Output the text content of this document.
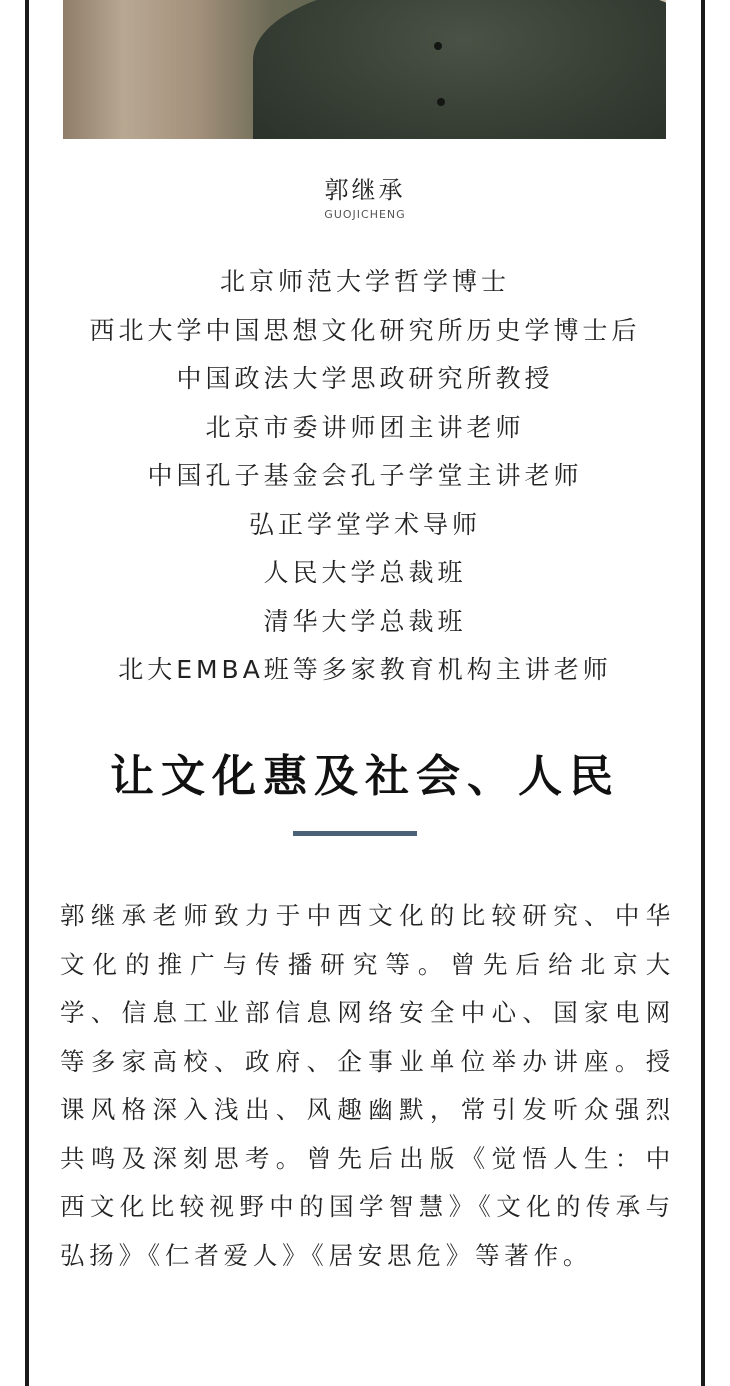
郭继承
GUOJICHENG
北京师范大学哲学博士
西北大学中国思想文化研究所历史学博士后
中国政法大学思政研究所教授
北京市委讲师团主讲老师
中国孔子基金会孔子学堂主讲老师
弘正学堂学术导师
人民大学总裁班
清华大学总裁班
北大EMBA班等多家教育机构主讲老师
让文化惠及社会、人民
郭继承老师致力于中西文化的比较研究、中华文化的推广与传播研究等。曾先后给北京大学、信息工业部信息网络安全中心、国家电网等多家高校、政府、企事业单位举办讲座。授课风格深入浅出、风趣幽默，常引发听众强烈共鸣及深刻思考。曾先后出版《觉悟人生：中西文化比较视野中的国学智慧》《文化的传承与弘扬》《仁者爱人》《居安思危》等著作。
